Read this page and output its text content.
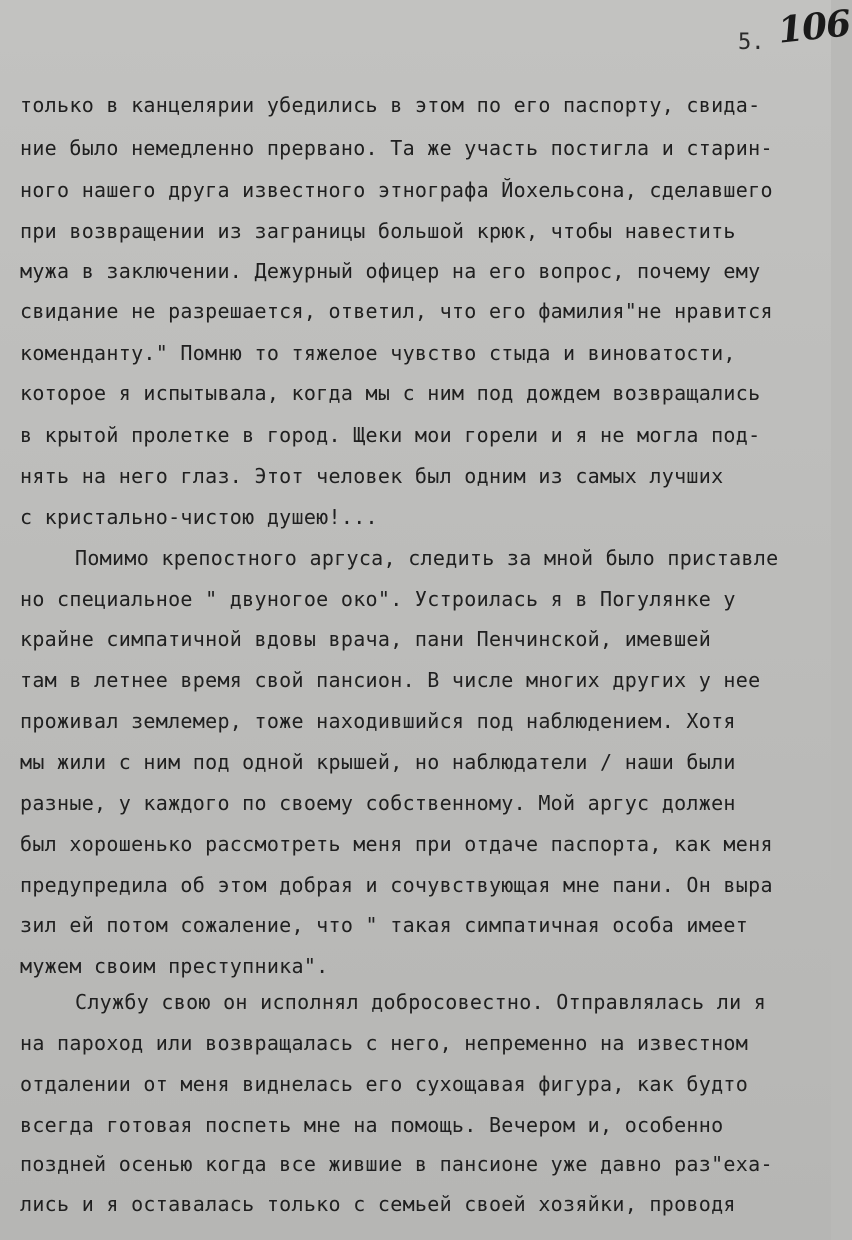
5. 106
только в канцелярии убедились в этом по его паспорту, свида-
ние было немедленно прервано. Та же участь постигла и старин-
ного нашего друга известного этнографа Йохельсона, сделавшего
при возвращении из заграницы большой крюк, чтобы навестить
мужа в заключении. Дежурный офицер на его вопрос, почему ему
свидание не разрешается, ответил, что его фамилия"не нравится
коменданту." Помню то тяжелое чувство стыда и виноватости,
которое я испытывала, когда мы с ним под дождем возвращались
в крытой пролетке в город. Щеки мои горели и я не могла под-
нять на него глаз. Этот человек был одним из самых лучших
с кристально-чистою душею!...
Помимо крепостного аргуса, следить за мной было приставле
но специальное " двуногое око". Устроилась я в Погулянке у
крайне симпатичной вдовы врача, пани Пенчинской, имевшей
там в летнее время свой пансион. В числе многих других у нее
проживал землемер, тоже находившийся под наблюдением. Хотя
мы жили с ним под одной крышей, но наблюдатели / наши были
разные, у каждого по своему собственному. Мой аргус должен
был хорошенько рассмотреть меня при отдаче паспорта, как меня
предупредила об этом добрая и сочувствующая мне пани. Он выра
зил ей потом сожаление, что " такая симпатичная особа имеет
мужем своим преступника".
Службу свою он исполнял добросовестно. Отправлялась ли я
на пароход или возвращалась с него, непременно на известном
отдалении от меня виднелась его сухощавая фигура, как будто
всегда готовая поспеть мне на помощь. Вечером и, особенно
поздней осенью когда все жившие в пансионе уже давно раз"еха-
лись и я оставалась только с семьей своей хозяйки, проводя
